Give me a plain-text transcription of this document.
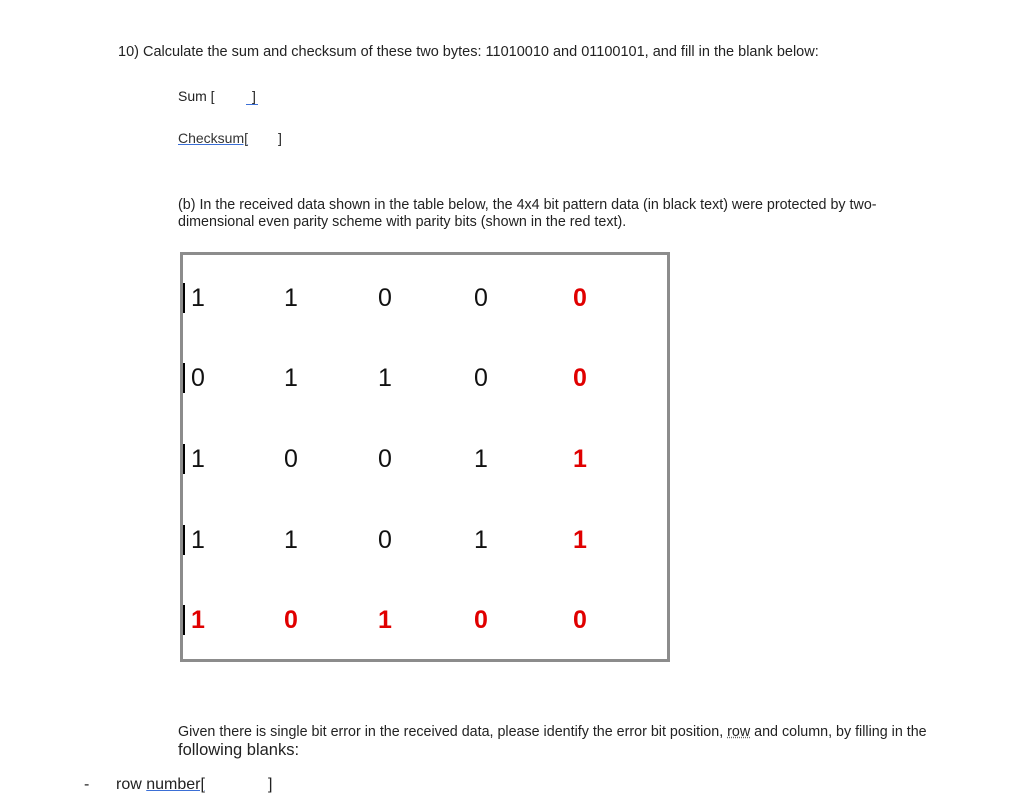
10) Calculate the sum and checksum of these two bytes: 11010010 and 01100101, and fill in the blank below:
Sum [	]
Checksum[ ]
(b) In the received data shown in the table below, the 4x4 bit pattern data (in black text) were protected by two-dimensional even parity scheme with parity bits (shown in the red text).
1	1	0	0	0
0	1	1	0	0
1	0	0	1	1
1	1	0	1	1
1	0	1	0	0
Given there is single bit error in the received data, please identify the error bit position, row and column, by filling in the following blanks:
- row number[	]
